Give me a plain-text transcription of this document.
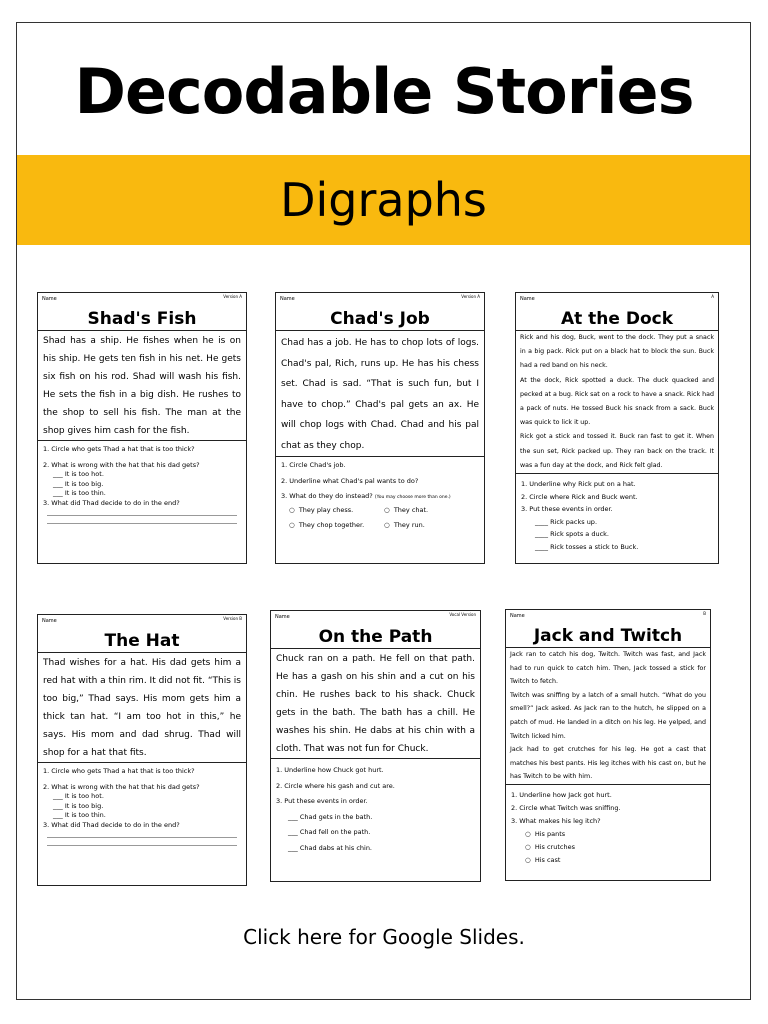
Decodable Stories
Digraphs
Name	Version A
Shad's Fish
Shad has a ship. He fishes when he is on his ship. He gets ten fish in his net. He gets six fish on his rod. Shad will wash his fish. He sets the fish in a big dish. He rushes to the shop to sell his fish. The man at the shop gives him cash for the fish.
1. Circle who gets Thad a hat that is too thick?
2. What is wrong with the hat that his dad gets?
___ It is too hot.
___ It is too big.
___ It is too thin.
3. What did Thad decide to do in the end?
Name	Version A
Chad's Job
Chad has a job. He has to chop lots of logs. Chad's pal, Rich, runs up. He has his chess set. Chad is sad. “That is such fun, but I have to chop.” Chad's pal gets an ax. He will chop logs with Chad. Chad and his pal chat as they chop.
1. Circle Chad's job.
2. Underline what Chad's pal wants to do?
3. What do they do instead? (You may choose more than one.)
○  They play chess.	○  They chat.
○  They chop together.	○  They run.
Name	A
At the Dock

Rick and his dog, Buck, went to the dock. They put a snack in a big pack. Rick put on a black hat to block the sun. Buck had a red band on his neck.

At the dock, Rick spotted a duck. The duck quacked and pecked at a bug. Rick sat on a rock to have a snack. Rick had a pack of nuts. He tossed Buck his snack from a sack. Buck was quick to lick it up.

Rick got a stick and tossed it. Buck ran fast to get it. When the sun set, Rick packed up. They ran back on the track. It was a fun day at the dock, and Rick felt glad.

1. Underline why Rick put on a hat.
2. Circle where Rick and Buck went.
3. Put these events in order.
____ Rick packs up.
____ Rick spots a duck.
____ Rick tosses a stick to Buck.
Name	Version B
The Hat
Thad wishes for a hat. His dad gets him a red hat with a thin rim. It did not fit. “This is too big,” Thad says. His mom gets him a thick tan hat. “I am too hot in this,” he says. His mom and dad shrug. Thad will shop for a hat that fits.
1. Circle who gets Thad a hat that is too thick?
2. What is wrong with the hat that his dad gets?
___ It is too hot.
___ It is too big.
___ It is too thin.
3. What did Thad decide to do in the end?
Name	Vocal Version
On the Path
Chuck ran on a path. He fell on that path. He has a gash on his shin and a cut on his chin. He rushes back to his shack. Chuck gets in the bath. The bath has a chill. He washes his shin. He dabs at his chin with a cloth. That was not fun for Chuck.
1. Underline how Chuck got hurt.
2. Circle where his gash and cut are.
3. Put these events in order.
___ Chad gets in the bath.
___ Chad fell on the path.
___ Chad dabs at his chin.
Name	B
Jack and Twitch

Jack ran to catch his dog, Twitch. Twitch was fast, and Jack had to run quick to catch him. Then, Jack tossed a stick for Twitch to fetch.

Twitch was sniffing by a latch of a small hutch. “What do you smell?” Jack asked. As Jack ran to the hutch, he slipped on a patch of mud. He landed in a ditch on his leg. He yelped, and Twitch licked him.

Jack had to get crutches for his leg. He got a cast that matches his best pants. His leg itches with his cast on, but he has Twitch to be with him.

1. Underline how Jack got hurt.
2. Circle what Twitch was sniffing.
3. What makes his leg itch?
○  His pants
○  His crutches
○  His cast
Click here for Google Slides.
